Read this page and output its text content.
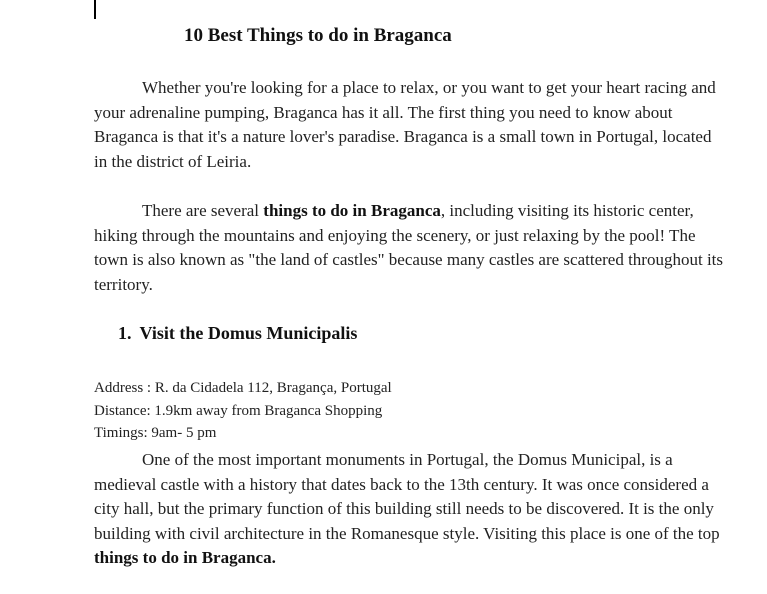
10 Best Things to do in Braganca

Whether you're looking for a place to relax, or you want to get your heart racing and your adrenaline pumping, Braganca has it all. The first thing you need to know about Braganca is that it's a nature lover's paradise. Braganca is a small town in Portugal, located in the district of Leiria.

There are several things to do in Braganca, including visiting its historic center, hiking through the mountains and enjoying the scenery, or just relaxing by the pool! The town is also known as "the land of castles" because many castles are scattered throughout its territory.

1. Visit the Domus Municipalis
Address : R. da Cidadela 112, Bragança, Portugal
Distance: 1.9km away from Braganca Shopping
Timings: 9am- 5 pm

One of the most important monuments in Portugal, the Domus Municipal, is a medieval castle with a history that dates back to the 13th century. It was once considered a city hall, but the primary function of this building still needs to be discovered. It is the only building with civil architecture in the Romanesque style. Visiting this place is one of the top things to do in Braganca.
